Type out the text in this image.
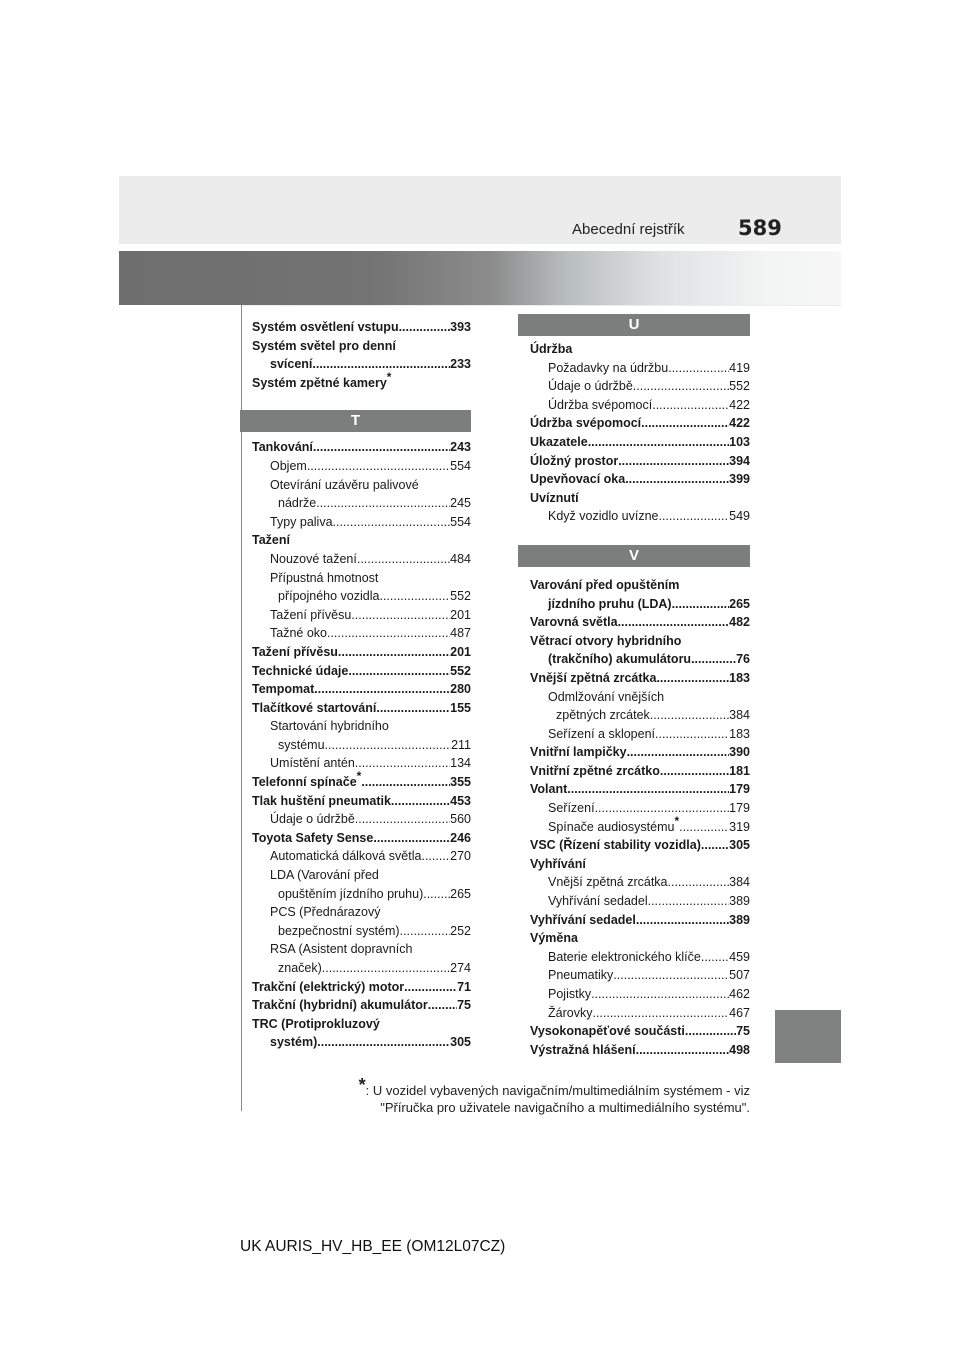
Abecední rejstřík	589
Systém osvětlení vstupu .....	393
Systém světel pro denní
svícení .....	233
Systém zpětné kamery*
T
Tankování .....	243
Objem .....	554
Otevírání uzávěru palivové
nádrže .....	245
Typy paliva .....	554
Tažení
Nouzové tažení .....	484
Přípustná hmotnost
přípojného vozidla .....	552
Tažení přívěsu .....	201
Tažné oko .....	487
Tažení přívěsu .....	201
Technické údaje .....	552
Tempomat .....	280
Tlačítkové startování .....	155
Startování hybridního
systému .....	211
Umístění antén .....	134
Telefonní spínače* .....	355
Tlak huštění pneumatik .....	453
Údaje o údržbě .....	560
Toyota Safety Sense .....	246
Automatická dálková světla ..... 270
LDA (Varování před
opuštěním jízdního pruhu) ..... 265
PCS (Přednárazový
bezpečnostní systém) .....	252
RSA (Asistent dopravních
značek) .....	274
Trakční (elektrický) motor .....	71
Trakční (hybridní) akumulátor ..... 75
TRC (Protiprokluzový
systém) .....	305
U
Údržba
Požadavky na údržbu .....	419
Údaje o údržbě .....	552
Údržba svépomocí .....	422
Údržba svépomocí .....	422
Ukazatele .....	103
Úložný prostor .....	394
Upevňovací oka .....	399
Uvíznutí
Když vozidlo uvízne .....	549
V
Varování před opuštěním
jízdního pruhu (LDA) .....	265
Varovná světla .....	482
Větrací otvory hybridního
(trakčního) akumulátoru .....	76
Vnější zpětná zrcátka .....	183
Odmlžování vnějších
zpětných zrcátek .....	384
Seřízení a sklopení .....	183
Vnitřní lampičky .....	390
Vnitřní zpětné zrcátko .....	181
Volant .....	179
Seřízení .....	179
Spínače audiosystému* .....	319
VSC (Řízení stability vozidla) ..... 305
Vyhřívání
Vnější zpětná zrcátka .....	384
Vyhřívání sedadel .....	389
Vyhřívání sedadel .....	389
Výměna
Baterie elektronického klíče ..... 459
Pneumatiky .....	507
Pojistky .....	462
Žárovky .....	467
Vysokonapěťové součásti .....	75
Výstražná hlášení .....	498
*: U vozidel vybavených navigačním/multimediálním systémem - viz
"Příručka pro uživatele navigačního a multimediálního systému".
UK AURIS_HV_HB_EE (OM12L07CZ)
